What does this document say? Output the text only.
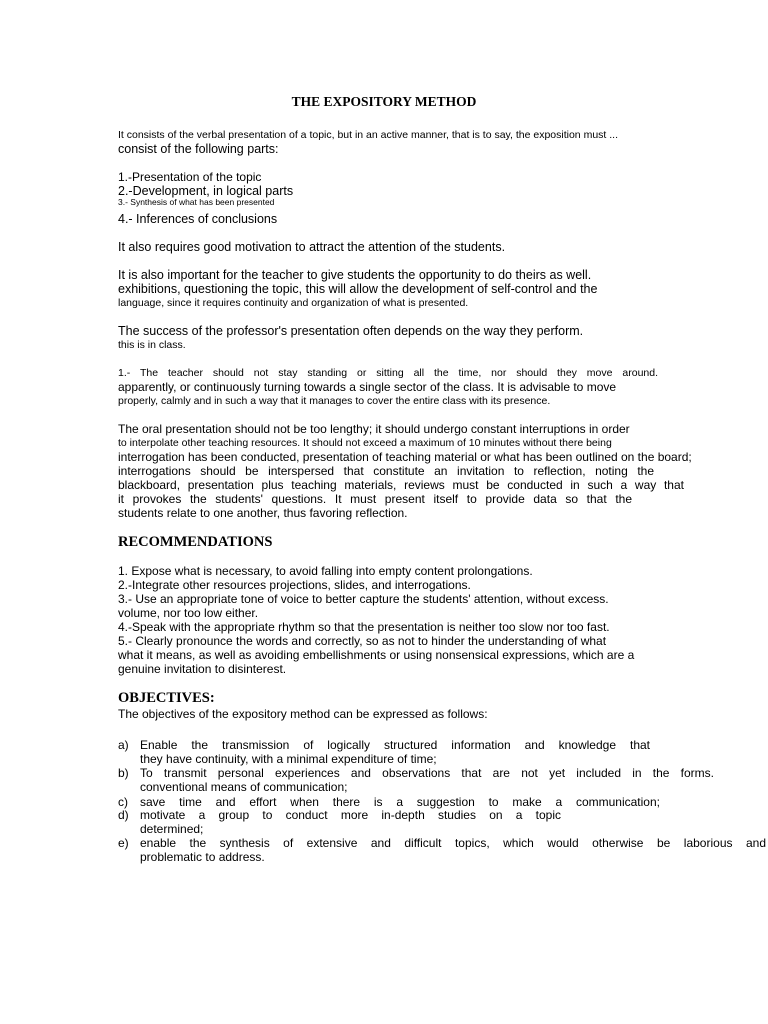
THE EXPOSITORY METHOD
It consists of the verbal presentation of a topic, but in an active manner, that is to say, the exposition must ...
consist of the following parts:
1.-Presentation of the topic
2.-Development, in logical parts
3.- Synthesis of what has been presented
4.- Inferences of conclusions
It also requires good motivation to attract the attention of the students.
It is also important for the teacher to give students the opportunity to do theirs as well.
exhibitions, questioning the topic, this will allow the development of self-control and the
language, since it requires continuity and organization of what is presented.
The success of the professor's presentation often depends on the way they perform.
this is in class.
1.- The teacher should not stay standing or sitting all the time, nor should they move around.
apparently, or continuously turning towards a single sector of the class. It is advisable to move
properly, calmly and in such a way that it manages to cover the entire class with its presence.
The oral presentation should not be too lengthy; it should undergo constant interruptions in order
to interpolate other teaching resources. It should not exceed a maximum of 10 minutes without there being
interrogation has been conducted, presentation of teaching material or what has been outlined on the board;
interrogations should be interspersed that constitute an invitation to reflection, noting the
blackboard, presentation plus teaching materials, reviews must be conducted in such a way that
it provokes the students' questions. It must present itself to provide data so that the
students relate to one another, thus favoring reflection.
RECOMMENDATIONS
1. Expose what is necessary, to avoid falling into empty content prolongations.
2.-Integrate other resources projections, slides, and interrogations.
3.- Use an appropriate tone of voice to better capture the students' attention, without excess.
volume, nor too low either.
4.-Speak with the appropriate rhythm so that the presentation is neither too slow nor too fast.
5.- Clearly pronounce the words and correctly, so as not to hinder the understanding of what
what it means, as well as avoiding embellishments or using nonsensical expressions, which are a
genuine invitation to disinterest.
OBJECTIVES:
The objectives of the expository method can be expressed as follows:
a) Enable the transmission of logically structured information and knowledge that
they have continuity, with a minimal expenditure of time;
b) To transmit personal experiences and observations that are not yet included in the forms.
conventional means of communication;
c) save time and effort when there is a suggestion to make a communication;
d) motivate a group to conduct more in-depth studies on a topic
determined;
e) enable the synthesis of extensive and difficult topics, which would otherwise be laborious and
problematic to address.
